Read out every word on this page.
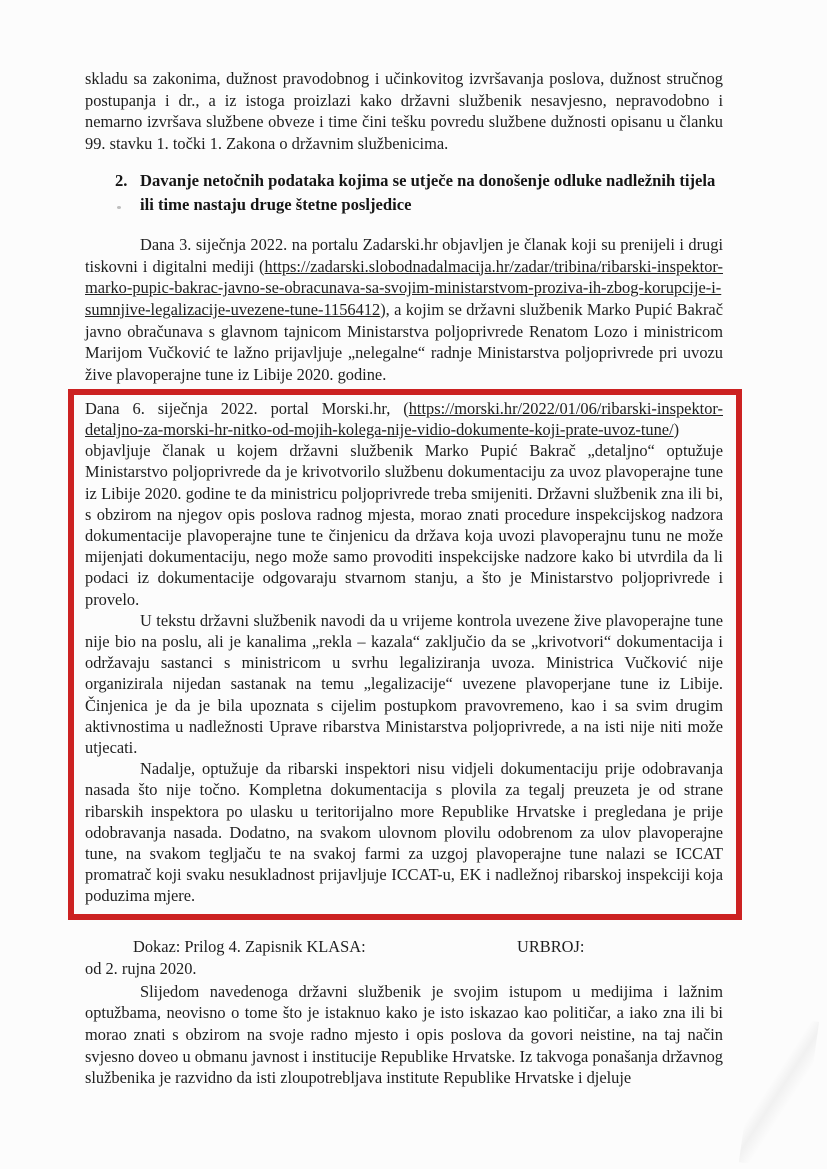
skladu sa zakonima, dužnost pravodobnog i učinkovitog izvršavanja poslova, dužnost stručnog postupanja i dr., a iz istoga proizlazi kako državni službenik nesavjesno, nepravodobno i nemarno izvršava službene obveze i time čini tešku povredu službene dužnosti opisanu u članku 99. stavku 1. točki 1. Zakona o državnim službenicima.

2. Davanje netočnih podataka kojima se utječe na donošenje odluke nadležnih tijela ili time nastaju druge štetne posljedice

Dana 3. siječnja 2022. na portalu Zadarski.hr objavljen je članak koji su prenijeli i drugi tiskovni i digitalni mediji (https://zadarski.slobodnadalmacija.hr/zadar/tribina/ribarski-inspektor-marko-pupic-bakrac-javno-se-obracunava-sa-svojim-ministarstvom-proziva-ih-zbog-korupcije-i-sumnjive-legalizacije-uvezene-tune-1156412), a kojim se državni službenik Marko Pupić Bakrač javno obračunava s glavnom tajnicom Ministarstva poljoprivrede Renatom Lozo i ministricom Marijom Vučković te lažno prijavljuje „nelegalne“ radnje Ministarstva poljoprivrede pri uvozu žive plavoperajne tune iz Libije 2020. godine.

Dana 6. siječnja 2022. portal Morski.hr, (https://morski.hr/2022/01/06/ribarski-inspektor-detaljno-za-morski-hr-nitko-od-mojih-kolega-nije-vidio-dokumente-koji-prate-uvoz-tune/) objavljuje članak u kojem državni službenik Marko Pupić Bakrač „detaljno“ optužuje Ministarstvo poljoprivrede da je krivotvorilo službenu dokumentaciju za uvoz plavoperajne tune iz Libije 2020. godine te da ministricu poljoprivrede treba smijeniti. Državni službenik zna ili bi, s obzirom na njegov opis poslova radnog mjesta, morao znati procedure inspekcijskog nadzora dokumentacije plavoperajne tune te činjenicu da država koja uvozi plavoperajnu tunu ne može mijenjati dokumentaciju, nego može samo provoditi inspekcijske nadzore kako bi utvrdila da li podaci iz dokumentacije odgovaraju stvarnom stanju, a što je Ministarstvo poljoprivrede i provelo.

U tekstu državni službenik navodi da u vrijeme kontrola uvezene žive plavoperajne tune nije bio na poslu, ali je kanalima „rekla – kazala“ zaključio da se „krivotvori“ dokumentacija i održavaju sastanci s ministricom u svrhu legaliziranja uvoza. Ministrica Vučković nije organizirala nijedan sastanak na temu „legalizacije“ uvezene plavoperjane tune iz Libije. Činjenica je da je bila upoznata s cijelim postupkom pravovremeno, kao i sa svim drugim aktivnostima u nadležnosti Uprave ribarstva Ministarstva poljoprivrede, a na isti nije niti može utjecati.

Nadalje, optužuje da ribarski inspektori nisu vidjeli dokumentaciju prije odobravanja nasada što nije točno. Kompletna dokumentacija s plovila za tegalj preuzeta je od strane ribarskih inspektora po ulasku u teritorijalno more Republike Hrvatske i pregledana je prije odobravanja nasada. Dodatno, na svakom ulovnom plovilu odobrenom za ulov plavoperajne tune, na svakom tegljaču te na svakoj farmi za uzgoj plavoperajne tune nalazi se ICCAT promatrač koji svaku nesukladnost prijavljuje ICCAT-u, EK i nadležnoj ribarskoj inspekciji koja poduzima mjere.

Dokaz: Prilog 4. Zapisnik KLASA:	URBROJ:
od 2. rujna 2020.

Slijedom navedenoga državni službenik je svojim istupom u medijima i lažnim optužbama, neovisno o tome što je istaknuo kako je isto iskazao kao političar, a iako zna ili bi morao znati s obzirom na svoje radno mjesto i opis poslova da govori neistine, na taj način svjesno doveo u obmanu javnost i institucije Republike Hrvatske. Iz takvoga ponašanja državnog službenika je razvidno da isti zloupotrebljava institute Republike Hrvatske i djeluje
